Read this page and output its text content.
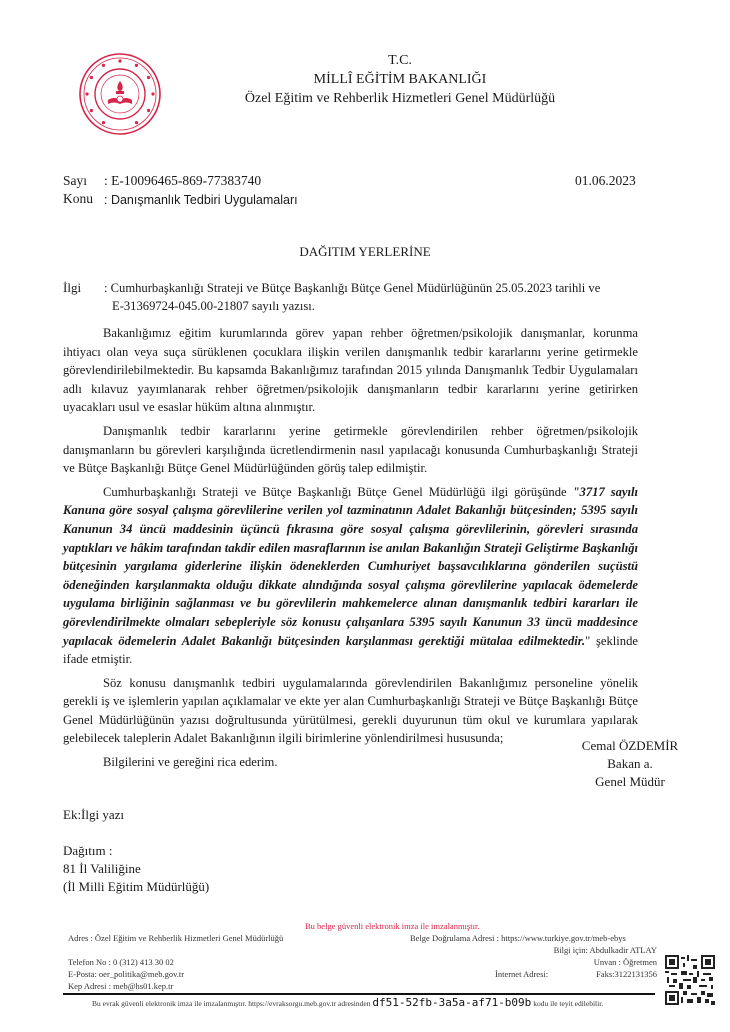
T.C.
MİLLÎ EĞİTİM BAKANLIĞI
Özel Eğitim ve Rehberlik Hizmetleri Genel Müdürlüğü
Sayı : E-10096465-869-77383740	01.06.2023
Konu : Danışmanlık Tedbiri Uygulamaları
DAĞITIM YERLERİNE
İlgi : Cumhurbaşkanlığı Strateji ve Bütçe Başkanlığı Bütçe Genel Müdürlüğünün 25.05.2023 tarihli ve
E-31369724-045.00-21807 sayılı yazısı.

Bakanlığımız eğitim kurumlarında görev yapan rehber öğretmen/psikolojik danışmanlar, korunma ihtiyacı olan veya suça sürüklenen çocuklara ilişkin verilen danışmanlık tedbir kararlarını yerine getirmekle görevlendirilebilmektedir. Bu kapsamda Bakanlığımız tarafından 2015 yılında Danışmanlık Tedbir Uygulamaları adlı kılavuz yayımlanarak rehber öğretmen/psikolojik danışmanların tedbir kararlarını yerine getirirken uyacakları usul ve esaslar hüküm altına alınmıştır.

Danışmanlık tedbir kararlarını yerine getirmekle görevlendirilen rehber öğretmen/psikolojik danışmanların bu görevleri karşılığında ücretlendirmenin nasıl yapılacağı konusunda Cumhurbaşkanlığı Strateji ve Bütçe Başkanlığı Bütçe Genel Müdürlüğünden görüş talep edilmiştir.

Cumhurbaşkanlığı Strateji ve Bütçe Başkanlığı Bütçe Genel Müdürlüğü ilgi görüşünde "3717 sayılı Kanuna göre sosyal çalışma görevlilerine verilen yol tazminatının Adalet Bakanlığı bütçesinden; 5395 sayılı Kanunun 34 üncü maddesinin üçüncü fıkrasına göre sosyal çalışma görevlilerinin, görevleri sırasında yaptıkları ve hâkim tarafından takdir edilen masraflarının ise anılan Bakanlığın Strateji Geliştirme Başkanlığı bütçesinin yargılama giderlerine ilişkin ödeneklerden Cumhuriyet başsavcılıklarına gönderilen suçüstü ödeneğinden karşılanmakta olduğu dikkate alındığında sosyal çalışma görevlilerine yapılacak ödemelerde uygulama birliğinin sağlanması ve bu görevlilerin mahkemelerce alınan danışmanlık tedbiri kararları ile görevlendirilmekte olmaları sebepleriyle söz konusu çalışanlara 5395 sayılı Kanunun 33 üncü maddesince yapılacak ödemelerin Adalet Bakanlığı bütçesinden karşılanması gerektiği mütalaa edilmektedir." şeklinde ifade etmiştir.

Söz konusu danışmanlık tedbiri uygulamalarında görevlendirilen Bakanlığımız personeline yönelik gerekli iş ve işlemlerin yapılan açıklamalar ve ekte yer alan Cumhurbaşkanlığı Strateji ve Bütçe Başkanlığı Bütçe Genel Müdürlüğünün yazısı doğrultusunda yürütülmesi, gerekli duyurunun tüm okul ve kurumlara yapılarak gelebilecek taleplerin Adalet Bakanlığının ilgili birimlerine yönlendirilmesi hususunda;

Bilgilerini ve gereğini rica ederim.

Cemal ÖZDEMİR
Bakan a.
Genel Müdür
Ek:İlgi yazı
Dağıtım :
81 İl Valiliğine
(İl Milli Eğitim Müdürlüğü)
Bu belge güvenli elektronik imza ile imzalanmıştır.
Adres : Özel Eğitim ve Rehberlik Hizmetleri Genel Müdürlüğü	Belge Doğrulama Adresi : https://www.turkiye.gov.tr/meb-ebys
Bilgi için: Abdulkadir ATLAY
Telefon No : 0 (312) 413 30 02	Unvan : Öğretmen
E-Posta: oer_politika@meb.gov.tr	İnternet Adresi:	Faks:3122131356
Kep Adresi : meb@hs01.kep.tr
Bu evrak güvenli elektronik imza ile imzalanmıştır. https://evraksorgu.meb.gov.tr adresinden df51-52fb-3a5a-af71-b09b kodu ile teyit edilebilir.
